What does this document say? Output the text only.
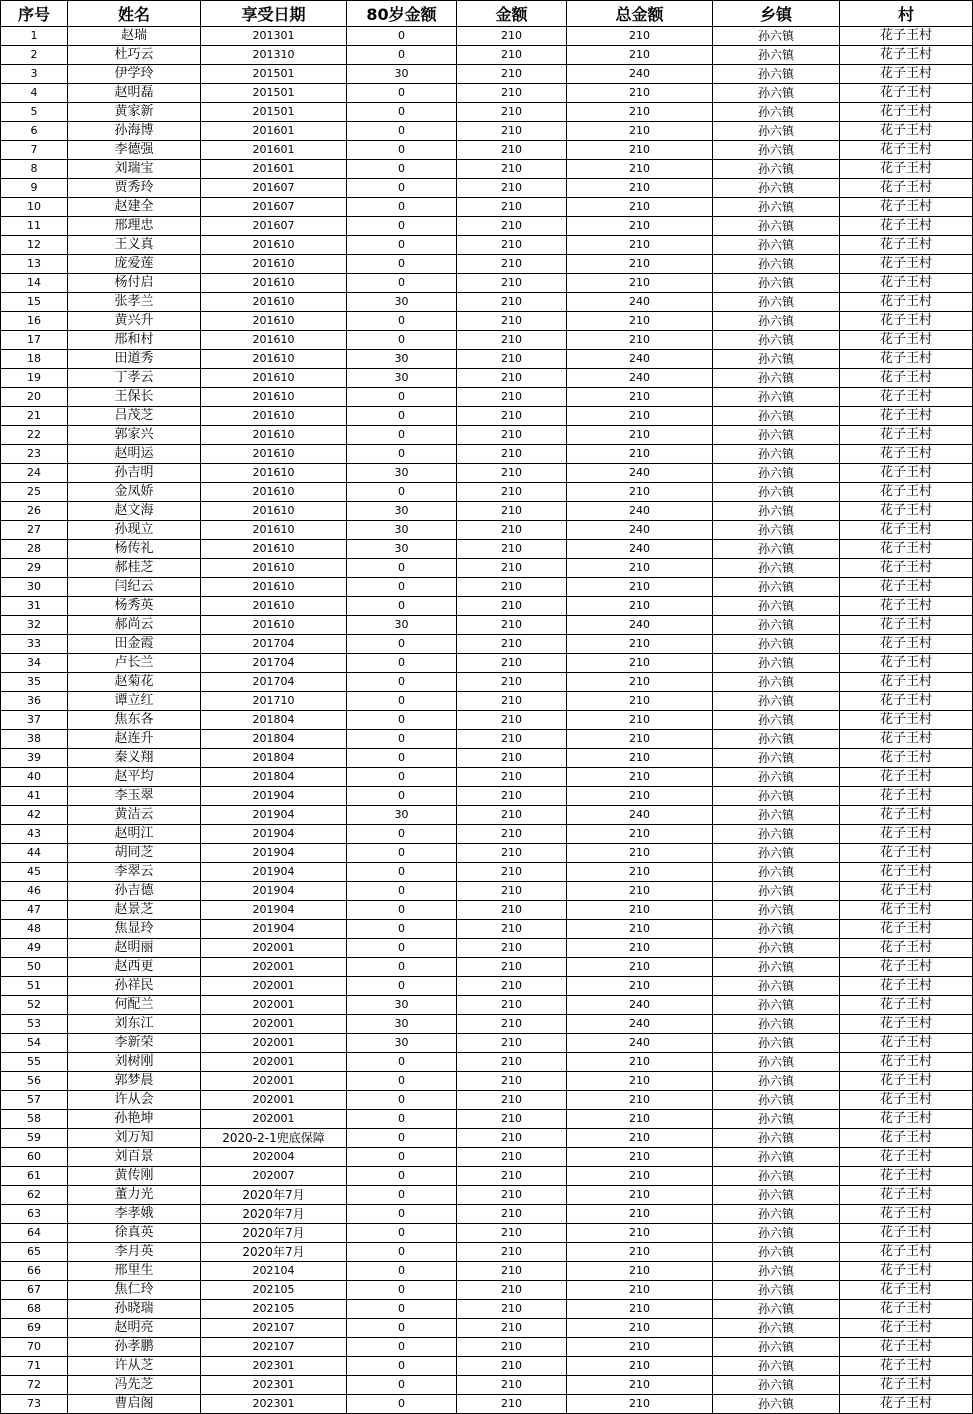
序号	姓名	享受日期	80岁金额	金额	总金额	乡镇	村
1	赵瑞	201301	0	210	210	孙六镇	花子王村
2	杜巧云	201310	0	210	210	孙六镇	花子王村
3	伊学玲	201501	30	210	240	孙六镇	花子王村
4	赵明磊	201501	0	210	210	孙六镇	花子王村
5	黄家新	201501	0	210	210	孙六镇	花子王村
6	孙海博	201601	0	210	210	孙六镇	花子王村
7	李德强	201601	0	210	210	孙六镇	花子王村
8	刘瑞宝	201601	0	210	210	孙六镇	花子王村
9	贾秀玲	201607	0	210	210	孙六镇	花子王村
10	赵建全	201607	0	210	210	孙六镇	花子王村
11	邢理忠	201607	0	210	210	孙六镇	花子王村
12	王义真	201610	0	210	210	孙六镇	花子王村
13	庞爱莲	201610	0	210	210	孙六镇	花子王村
14	杨付启	201610	0	210	210	孙六镇	花子王村
15	张孝兰	201610	30	210	240	孙六镇	花子王村
16	黄兴升	201610	0	210	210	孙六镇	花子王村
17	邢和村	201610	0	210	210	孙六镇	花子王村
18	田道秀	201610	30	210	240	孙六镇	花子王村
19	丁孝云	201610	30	210	240	孙六镇	花子王村
20	王保长	201610	0	210	210	孙六镇	花子王村
21	吕茂芝	201610	0	210	210	孙六镇	花子王村
22	郭家兴	201610	0	210	210	孙六镇	花子王村
23	赵明运	201610	0	210	210	孙六镇	花子王村
24	孙吉明	201610	30	210	240	孙六镇	花子王村
25	金凤娇	201610	0	210	210	孙六镇	花子王村
26	赵文海	201610	30	210	240	孙六镇	花子王村
27	孙现立	201610	30	210	240	孙六镇	花子王村
28	杨传礼	201610	30	210	240	孙六镇	花子王村
29	郝桂芝	201610	0	210	210	孙六镇	花子王村
30	闫纪云	201610	0	210	210	孙六镇	花子王村
31	杨秀英	201610	0	210	210	孙六镇	花子王村
32	郝尚云	201610	30	210	240	孙六镇	花子王村
33	田金霞	201704	0	210	210	孙六镇	花子王村
34	卢长兰	201704	0	210	210	孙六镇	花子王村
35	赵菊花	201704	0	210	210	孙六镇	花子王村
36	谭立红	201710	0	210	210	孙六镇	花子王村
37	焦东各	201804	0	210	210	孙六镇	花子王村
38	赵连升	201804	0	210	210	孙六镇	花子王村
39	秦义翔	201804	0	210	210	孙六镇	花子王村
40	赵平均	201804	0	210	210	孙六镇	花子王村
41	李玉翠	201904	0	210	210	孙六镇	花子王村
42	黄洁云	201904	30	210	240	孙六镇	花子王村
43	赵明江	201904	0	210	210	孙六镇	花子王村
44	胡同芝	201904	0	210	210	孙六镇	花子王村
45	李翠云	201904	0	210	210	孙六镇	花子王村
46	孙吉德	201904	0	210	210	孙六镇	花子王村
47	赵景芝	201904	0	210	210	孙六镇	花子王村
48	焦显玲	201904	0	210	210	孙六镇	花子王村
49	赵明丽	202001	0	210	210	孙六镇	花子王村
50	赵西更	202001	0	210	210	孙六镇	花子王村
51	孙祥民	202001	0	210	210	孙六镇	花子王村
52	何配兰	202001	30	210	240	孙六镇	花子王村
53	刘东江	202001	30	210	240	孙六镇	花子王村
54	李新荣	202001	30	210	240	孙六镇	花子王村
55	刘树刚	202001	0	210	210	孙六镇	花子王村
56	郭梦晨	202001	0	210	210	孙六镇	花子王村
57	许从会	202001	0	210	210	孙六镇	花子王村
58	孙艳坤	202001	0	210	210	孙六镇	花子王村
59	刘万知	2020-2-1兜底保障	0	210	210	孙六镇	花子王村
60	刘百景	202004	0	210	210	孙六镇	花子王村
61	黄传刚	202007	0	210	210	孙六镇	花子王村
62	董力光	2020年7月	0	210	210	孙六镇	花子王村
63	李孝娥	2020年7月	0	210	210	孙六镇	花子王村
64	徐真英	2020年7月	0	210	210	孙六镇	花子王村
65	李月英	2020年7月	0	210	210	孙六镇	花子王村
66	邢里生	202104	0	210	210	孙六镇	花子王村
67	焦仁玲	202105	0	210	210	孙六镇	花子王村
68	孙晓瑞	202105	0	210	210	孙六镇	花子王村
69	赵明亮	202107	0	210	210	孙六镇	花子王村
70	孙孝鹏	202107	0	210	210	孙六镇	花子王村
71	许从芝	202301	0	210	210	孙六镇	花子王村
72	冯先芝	202301	0	210	210	孙六镇	花子王村
73	曹启阁	202301	0	210	210	孙六镇	花子王村
